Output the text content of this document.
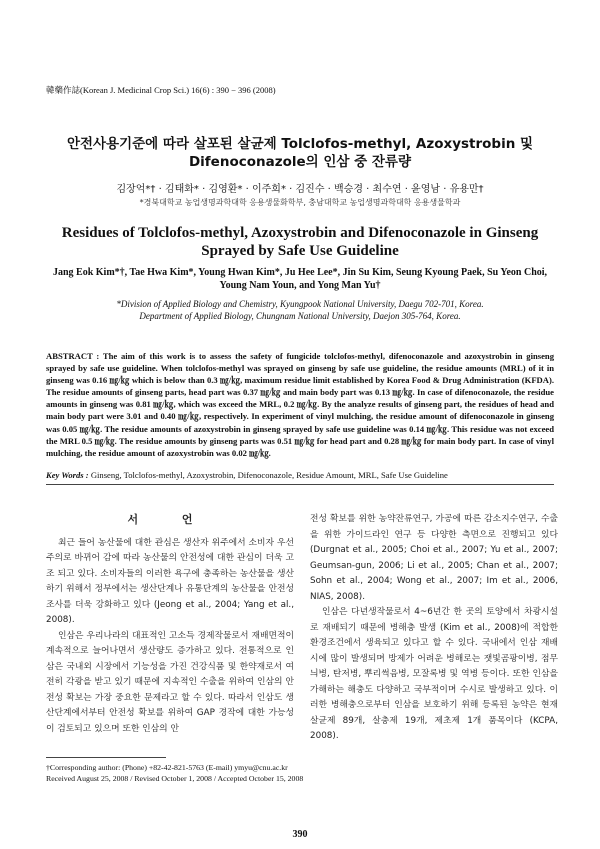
韓藥作誌(Korean J. Medicinal Crop Sci.) 16(6) : 390 − 396 (2008)
안전사용기준에 따라 살포된 살균제 Tolclofos-methyl, Azoxystrobin 및 Difenoconazole의 인삼 중 잔류량
김장억*† · 김태화* · 김영환* · 이주희* · 김진수 · 백승경 · 최수연 · 윤영남 · 유용만†
*경북대학교 농업생명과학대학 응용생물화학부, 충남대학교 농업생명과학대학 응용생물학과
Residues of Tolclofos-methyl, Azoxystrobin and Difenoconazole in Ginseng Sprayed by Safe Use Guideline
Jang Eok Kim*†, Tae Hwa Kim*, Young Hwan Kim*, Ju Hee Lee*, Jin Su Kim, Seung Kyoung Paek, Su Yeon Choi, Young Nam Youn, and Yong Man Yu†
*Division of Applied Biology and Chemistry, Kyungpook National University, Daegu 702-701, Korea.
Department of Applied Biology, Chungnam National University, Daejon 305-764, Korea.
ABSTRACT : The aim of this work is to assess the safety of fungicide tolclofos-methyl, difenoconazole and azoxystrobin in ginseng sprayed by safe use guideline. When tolclofos-methyl was sprayed on ginseng by safe use guideline, the residue amounts (MRL) of it in ginseng was 0.16 ㎎/㎏ which is below than 0.3 ㎎/㎏, maximum residue limit established by Korea Food & Drug Administration (KFDA). The residue amounts of ginseng parts, head part was 0.37 ㎎/㎏ and main body part was 0.13 ㎎/㎏. In case of difenoconazole, the residue amounts in ginseng was 0.81 ㎎/㎏, which was exceed the MRL, 0.2 ㎎/㎏. By the analyze results of ginseng part, the residues of head and main body part were 3.01 and 0.40 ㎎/㎏, respectively. In experiment of vinyl mulching, the residue amount of difenoconazole in ginseng was 0.05 ㎎/㎏. The residue amounts of azoxystrobin in ginseng sprayed by safe use guideline was 0.14 ㎎/㎏. This residue was not exceed the MRL 0.5 ㎎/㎏. The residue amounts by ginseng parts was 0.51 ㎎/㎏ for head part and 0.28 ㎎/㎏ for main body part. In case of vinyl mulching, the residue amount of azoxystrobin was 0.02 ㎎/㎏.
Key Words : Ginseng, Tolclofos-methyl, Azoxystrobin, Difenoconazole, Residue Amount, MRL, Safe Use Guideline
서 언

최근 들어 농산물에 대한 관심은 생산자 위주에서 소비자 우선주의로 바뀌어 감에 따라 농산물의 안전성에 대한 관심이 더욱 고조 되고 있다. 소비자들의 이러한 욕구에 충족하는 농산물을 생산하기 위해서 정부에서는 생산단계나 유통단계의 농산물을 안전성 조사를 더욱 강화하고 있다 (Jeong et al., 2004; Yang et al., 2008).

인삼은 우리나라의 대표적인 고소득 경제작물로서 재배면적이 계속적으로 늘어나면서 생산량도 증가하고 있다. 전통적으로 인삼은 국내외 시장에서 기능성을 가진 건강식품 및 한약재로서 여전히 각광을 받고 있기 때문에 지속적인 수출을 위하여 인삼의 안전성 확보는 가장 중요한 문제라고 할 수 있다. 따라서 인삼도 생산단계에서부터 안전성 확보를 위하여 GAP 경작에 대한 가능성이 검토되고 있으며 또한 인삼의 안

전성 확보를 위한 농약잔류연구, 가공에 따른 감소지수연구, 수출을 위한 가이드라인 연구 등 다양한 측면으로 진행되고 있다 (Durgnat et al., 2005; Choi et al., 2007; Yu et al., 2007; Geumsan-gun, 2006; Li et al., 2005; Chan et al., 2007; Sohn et al., 2004; Wong et al., 2007; Im et al., 2006, NIAS, 2008).

인삼은 다년생작물로서 4~6년간 한 곳의 토양에서 차광시설로 재배되기 때문에 병해충 발생 (Kim et al., 2008)에 적합한 환경조건에서 생육되고 있다고 할 수 있다. 국내에서 인삼 재배 시에 많이 발생되며 방제가 어려운 병해로는 잿빛곰팡이병, 점무늬병, 탄저병, 뿌리썩음병, 모잘록병 및 역병 등이다. 또한 인삼을 가해하는 해충도 다양하고 국부적이며 수시로 발생하고 있다. 이러한 병해충으로부터 인삼을 보호하기 위해 등록된 농약은 현재 살균제 89개, 살충제 19개, 제초제 1개 품목이다 (KCPA, 2008).

†Corresponding author: (Phone) +82-42-821-5763 (E-mail) ymyu@cnu.ac.kr
Received August 25, 2008 / Revised October 1, 2008 / Accepted October 15, 2008
390
